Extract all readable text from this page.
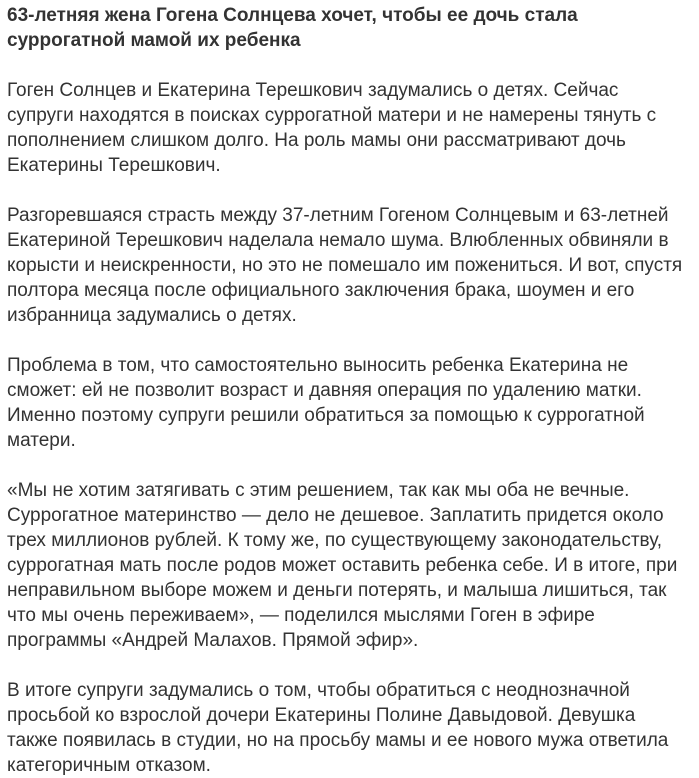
63-летняя жена Гогена Солнцева хочет, чтобы ее дочь стала суррогатной мамой их ребенка

Гоген Солнцев и Екатерина Терешкович задумались о детях. Сейчас супруги находятся в поисках суррогатной матери и не намерены тянуть с пополнением слишком долго. На роль мамы они рассматривают дочь Екатерины Терешкович.

Разгоревшаяся страсть между 37-летним Гогеном Солнцевым и 63-летней Екатериной Терешкович наделала немало шума. Влюбленных обвиняли в корысти и неискренности, но это не помешало им пожениться. И вот, спустя полтора месяца после официального заключения брака, шоумен и его избранница задумались о детях.

Проблема в том, что самостоятельно выносить ребенка Екатерина не сможет: ей не позволит возраст и давняя операция по удалению матки. Именно поэтому супруги решили обратиться за помощью к суррогатной матери.

«Мы не хотим затягивать с этим решением, так как мы оба не вечные. Суррогатное материнство — дело не дешевое. Заплатить придется около трех миллионов рублей. К тому же, по существующему законодательству, суррогатная мать после родов может оставить ребенка себе. И в итоге, при неправильном выборе можем и деньги потерять, и малыша лишиться, так что мы очень переживаем», — поделился мыслями Гоген в эфире программы «Андрей Малахов. Прямой эфир».

В итоге супруги задумались о том, чтобы обратиться с неоднозначной просьбой ко взрослой дочери Екатерины Полине Давыдовой. Девушка также появилась в студии, но на просьбу мамы и ее нового мужа ответила категоричным отказом.
